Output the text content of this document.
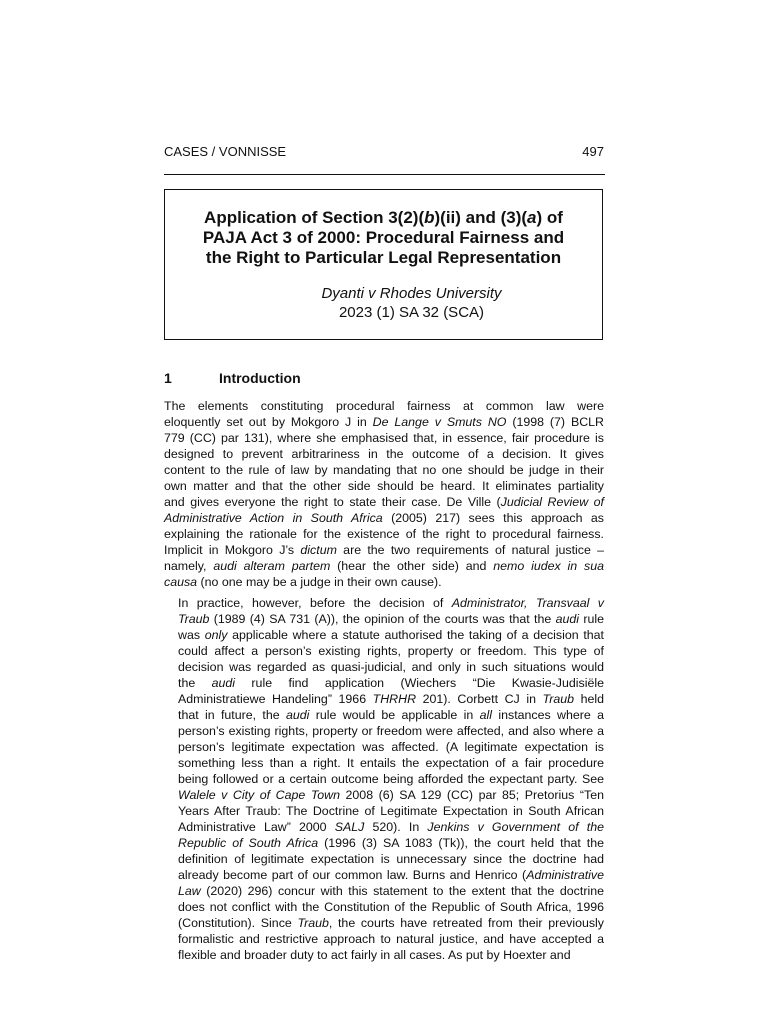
CASES / VONNISSE	497
Application of Section 3(2)(b)(ii) and (3)(a) of
PAJA Act 3 of 2000: Procedural Fairness and
the Right to Particular Legal Representation
Dyanti v Rhodes University
2023 (1) SA 32 (SCA)
1	Introduction

The elements constituting procedural fairness at common law were
eloquently set out by Mokgoro J in De Lange v Smuts NO (1998 (7) BCLR
779 (CC) par 131), where she emphasised that, in essence, fair procedure is
designed to prevent arbitrariness in the outcome of a decision. It gives
content to the rule of law by mandating that no one should be judge in their
own matter and that the other side should be heard. It eliminates partiality
and gives everyone the right to state their case. De Ville (Judicial Review of
Administrative Action in South Africa (2005) 217) sees this approach as
explaining the rationale for the existence of the right to procedural fairness.
Implicit in Mokgoro J’s dictum are the two requirements of natural justice –
namely, audi alteram partem (hear the other side) and nemo iudex in sua
causa (no one may be a judge in their own cause).

In practice, however, before the decision of Administrator, Transvaal v
Traub (1989 (4) SA 731 (A)), the opinion of the courts was that the audi rule
was only applicable where a statute authorised the taking of a decision that
could affect a person’s existing rights, property or freedom. This type of
decision was regarded as quasi-judicial, and only in such situations would
the audi rule find application (Wiechers “Die Kwasie-Judisiële
Administratiewe Handeling” 1966 THRHR 201). Corbett CJ in Traub held
that in future, the audi rule would be applicable in all instances where a
person’s existing rights, property or freedom were affected, and also where a
person’s legitimate expectation was affected. (A legitimate expectation is
something less than a right. It entails the expectation of a fair procedure
being followed or a certain outcome being afforded the expectant party. See
Walele v City of Cape Town 2008 (6) SA 129 (CC) par 85; Pretorius “Ten
Years After Traub: The Doctrine of Legitimate Expectation in South African
Administrative Law” 2000 SALJ 520). In Jenkins v Government of the
Republic of South Africa (1996 (3) SA 1083 (Tk)), the court held that the
definition of legitimate expectation is unnecessary since the doctrine had
already become part of our common law. Burns and Henrico (Administrative
Law (2020) 296) concur with this statement to the extent that the doctrine
does not conflict with the Constitution of the Republic of South Africa, 1996
(Constitution). Since Traub, the courts have retreated from their previously
formalistic and restrictive approach to natural justice, and have accepted a
flexible and broader duty to act fairly in all cases. As put by Hoexter and
